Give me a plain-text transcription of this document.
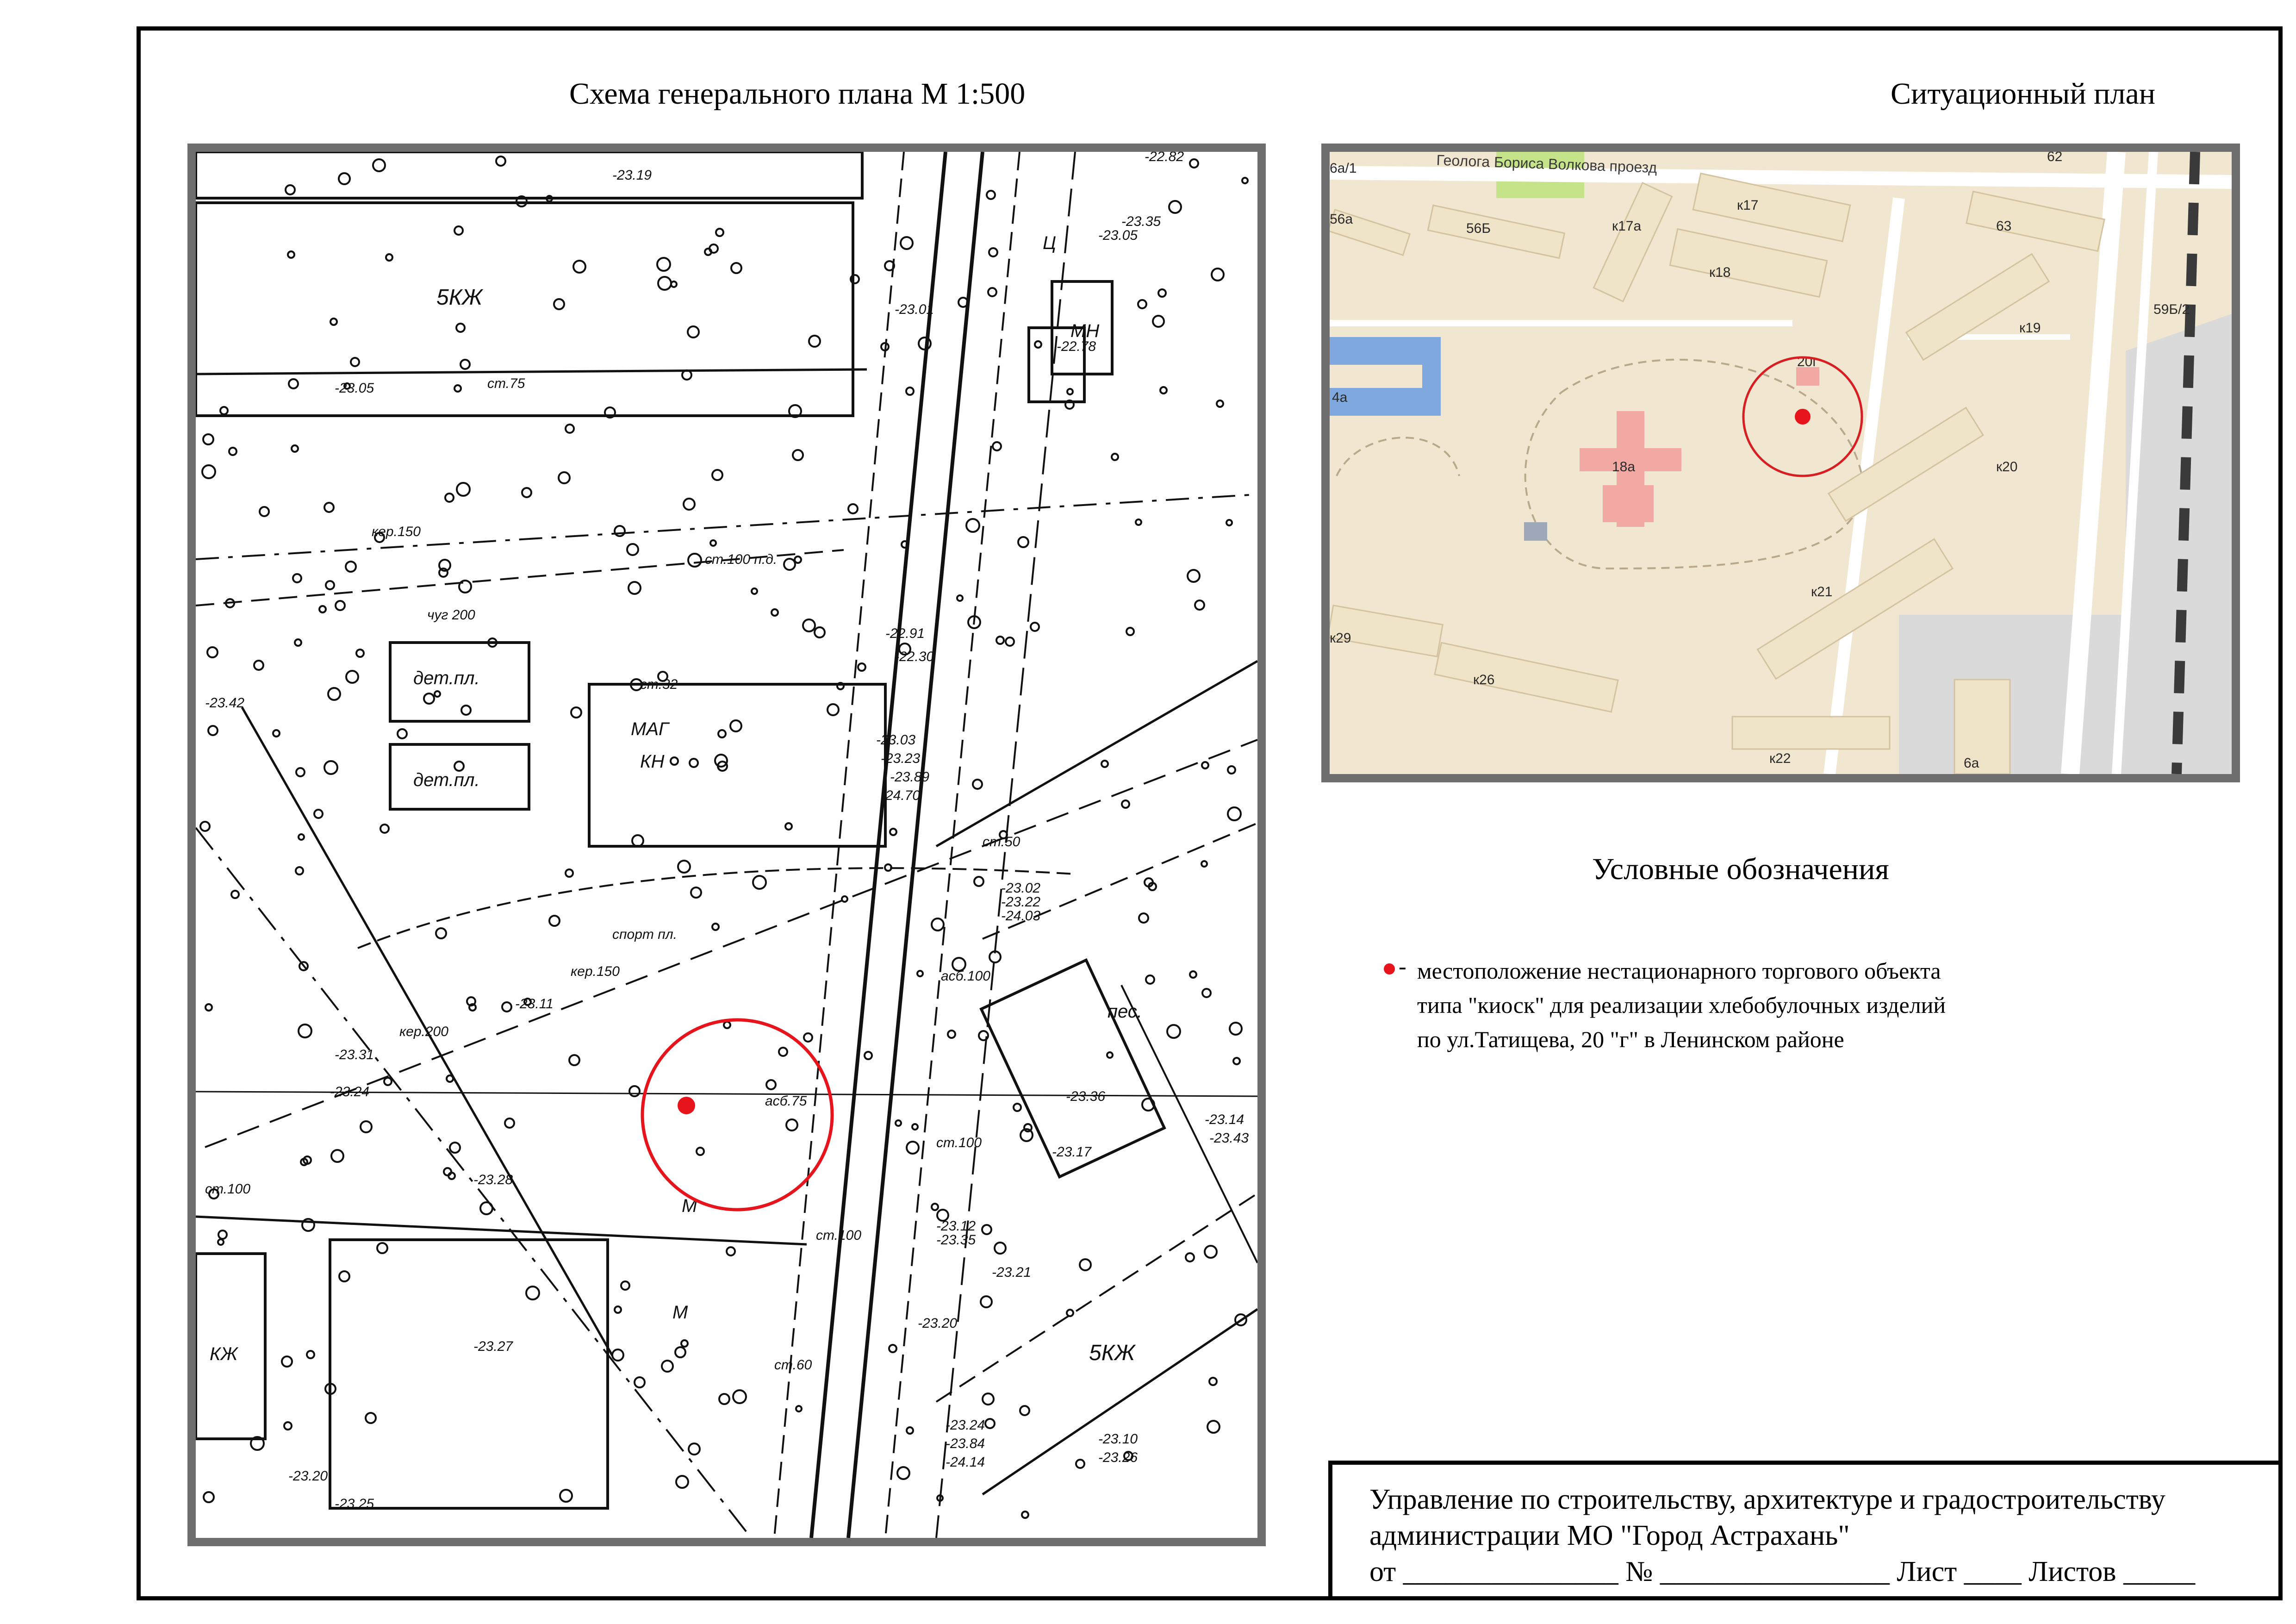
Схема генерального плана М 1:500	Ситуационный план
5КЖ
дет.пл.
дет.пл.
МАГ
КН
5КЖ
КЖ
М
М
МН
Ц
пес.
-23.19
-23.05
-23.42
-23.31
-23.11
-23.24
-23.28
-23.27
-23.20
-23.25
-22.82
-23.35
-23.05
-23.01
-22.78
-22.91
-22.30
-23.03
-23.23
-23.89
-24.70
-23.02
-23.22
-24.03
-23.36
-23.17
-23.12
-23.35
-23.21
-23.20
-23.24
-23.84
-24.14
-23.10
-23.26
-23.14
-23.43
ст.75
кер.150
ст.100 п.д.
чуг 200
ст.32
спорт пл.
кер.150
кер.200
ст.100
ст.60
ст.100
асб.100
асб.75
ст.50
ст.100
6а/1
56а
56Б	к17а
к17
к18
63
к19
59Б/2
4а
18а
20г
к20
к21
к29
к26
к22	6а
62
Геолога Бориса Волкова проезд
Условные обозначения
- местоположение нестационарного торгового объекта
типа "киоск" для реализации хлебобулочных изделий
по ул.Татищева, 20 "г" в Ленинском районе
Управление по строительству, архитектуре и градостроительству
администрации МО "Город Астрахань"
от _______________ № ________________ Лист ____ Листов _____
